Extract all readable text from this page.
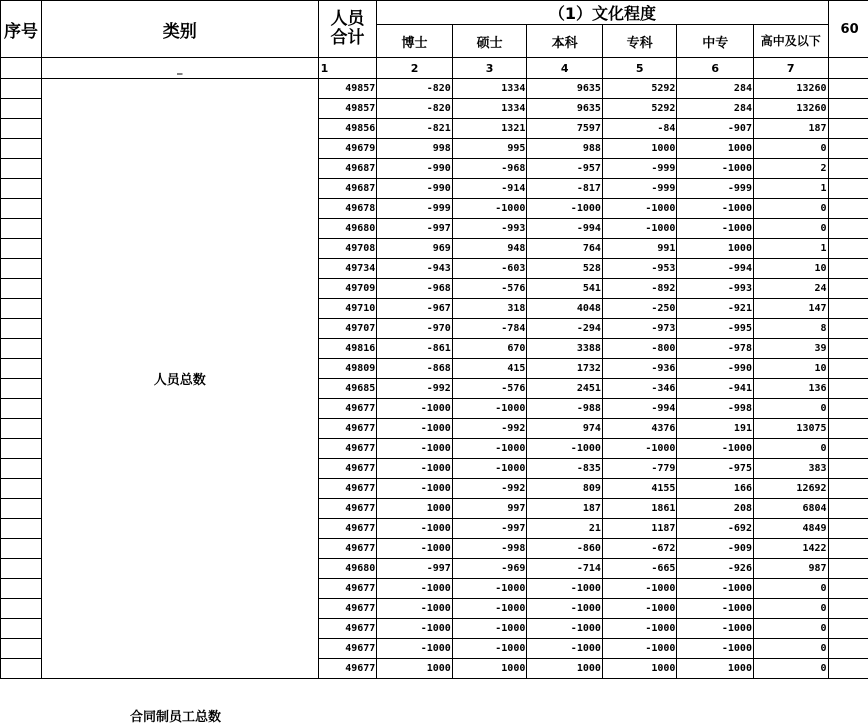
序号	类别	人员
合计	（1）文化程度						60
			博士	硕士	本科	专科	中专	高中及以下	
	_	1	2	3	4	5	6	7	
	人员总数	49857	-820	1334	9635	5292	284	13260	
		49857	-820	1334	9635	5292	284	13260	
		49856	-821	1321	7597	-84	-907	187	
		49679	998	995	988	1000	1000	0	
		49687	-990	-968	-957	-999	-1000	2	
		49687	-990	-914	-817	-999	-999	1	
		49678	-999	-1000	-1000	-1000	-1000	0	
		49680	-997	-993	-994	-1000	-1000	0	
		49708	969	948	764	991	1000	1	
		49734	-943	-603	528	-953	-994	10	
		49709	-968	-576	541	-892	-993	24	
		49710	-967	318	4048	-250	-921	147	
		49707	-970	-784	-294	-973	-995	8	
		49816	-861	670	3388	-800	-978	39	
		49809	-868	415	1732	-936	-990	10	
		49685	-992	-576	2451	-346	-941	136	
		49677	-1000	-1000	-988	-994	-998	0	
		49677	-1000	-992	974	4376	191	13075	
		49677	-1000	-1000	-1000	-1000	-1000	0	
		49677	-1000	-1000	-835	-779	-975	383	
		49677	-1000	-992	809	4155	166	12692	
		49677	1000	997	187	1861	208	6804	
		49677	-1000	-997	21	1187	-692	4849	
		49677	-1000	-998	-860	-672	-909	1422	
		49680	-997	-969	-714	-665	-926	987	
		49677	-1000	-1000	-1000	-1000	-1000	0	
		49677	-1000	-1000	-1000	-1000	-1000	0	
		49677	-1000	-1000	-1000	-1000	-1000	0	
		49677	-1000	-1000	-1000	-1000	-1000	0	
		49677	1000	1000	1000	1000	1000	0	
合同制员工总数
